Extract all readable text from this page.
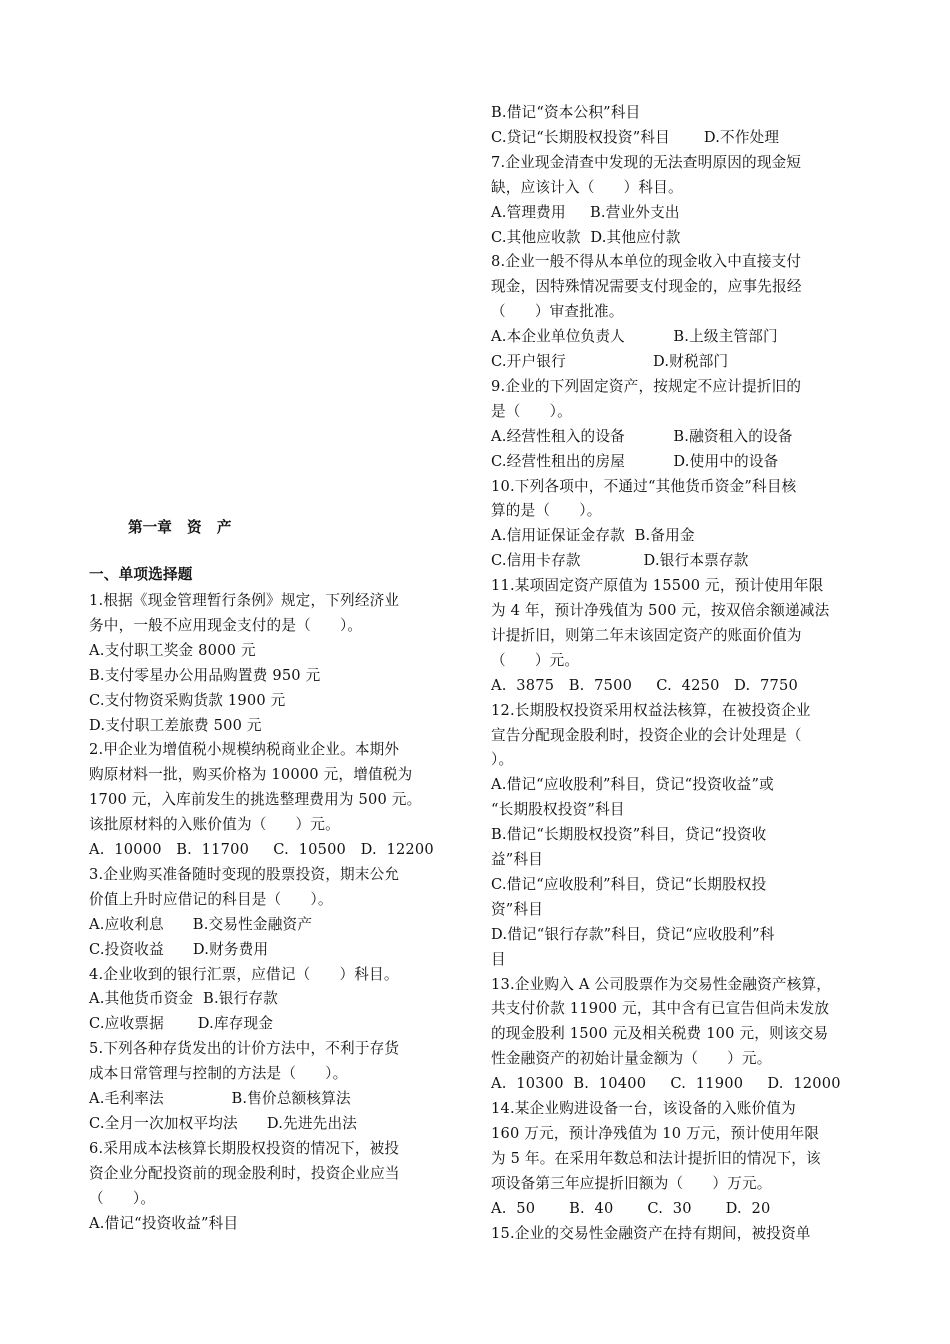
第一章   资   产
一、单项选择题
1.根据《现金管理暂行条例》规定，下列经济业
务中，一般不应用现金支付的是（      ）。
A.支付职工奖金 8000 元
B.支付零星办公用品购置费 950 元
C.支付物资采购货款 1900 元
D.支付职工差旅费 500 元
2.甲企业为增值税小规模纳税商业企业。本期外
购原材料一批，购买价格为 10000 元，增值税为
1700 元，入库前发生的挑选整理费用为 500 元。
该批原材料的入账价值为（      ）元。
A.  10000   B.  11700     C.  10500   D.  12200
3.企业购买准备随时变现的股票投资，期末公允
价值上升时应借记的科目是（      ）。
A.应收利息      B.交易性金融资产
C.投资收益      D.财务费用
4.企业收到的银行汇票，应借记（      ）科目。
A.其他货币资金  B.银行存款
C.应收票据       D.库存现金
5.下列各种存货发出的计价方法中，不利于存货
成本日常管理与控制的方法是（      ）。
A.毛利率法              B.售价总额核算法
C.全月一次加权平均法      D.先进先出法
6.采用成本法核算长期股权投资的情况下，被投
资企业分配投资前的现金股利时，投资企业应当
（      ）。
A.借记“投资收益”科目
B.借记“资本公积”科目
C.贷记“长期股权投资”科目       D.不作处理
7.企业现金清查中发现的无法查明原因的现金短
缺，应该计入（      ）科目。
A.管理费用     B.营业外支出
C.其他应收款  D.其他应付款
8.企业一般不得从本单位的现金收入中直接支付
现金，因特殊情况需要支付现金的，应事先报经
（      ）审查批准。
A.本企业单位负责人          B.上级主管部门
C.开户银行                  D.财税部门
9.企业的下列固定资产，按规定不应计提折旧的
是（      ）。
A.经营性租入的设备          B.融资租入的设备
C.经营性租出的房屋          D.使用中的设备
10.下列各项中，不通过“其他货币资金”科目核
算的是（      ）。
A.信用证保证金存款  B.备用金
C.信用卡存款             D.银行本票存款
11.某项固定资产原值为 15500 元，预计使用年限
为 4 年，预计净残值为 500 元，按双倍余额递减法
计提折旧，则第二年末该固定资产的账面价值为
（      ）元。
A.  3875   B.  7500     C.  4250   D.  7750
12.长期股权投资采用权益法核算，在被投资企业
宣告分配现金股利时，投资企业的会计处理是（
）。
A.借记“应收股利”科目，贷记“投资收益”或
“长期股权投资”科目
B.借记“长期股权投资”科目，贷记“投资收
益”科目
C.借记“应收股利”科目，贷记“长期股权投
资”科目
D.借记“银行存款”科目，贷记“应收股利”科
目
13.企业购入 A 公司股票作为交易性金融资产核算，
共支付价款 11900 元，其中含有已宣告但尚未发放
的现金股利 1500 元及相关税费 100 元，则该交易
性金融资产的初始计量金额为（      ）元。
A.  10300  B.  10400     C.  11900     D.  12000
14.某企业购进设备一台，该设备的入账价值为
160 万元，预计净残值为 10 万元，预计使用年限
为 5 年。在采用年数总和法计提折旧的情况下，该
项设备第三年应提折旧额为（      ）万元。
A.  50       B.  40       C.  30       D.  20
15.企业的交易性金融资产在持有期间，被投资单
